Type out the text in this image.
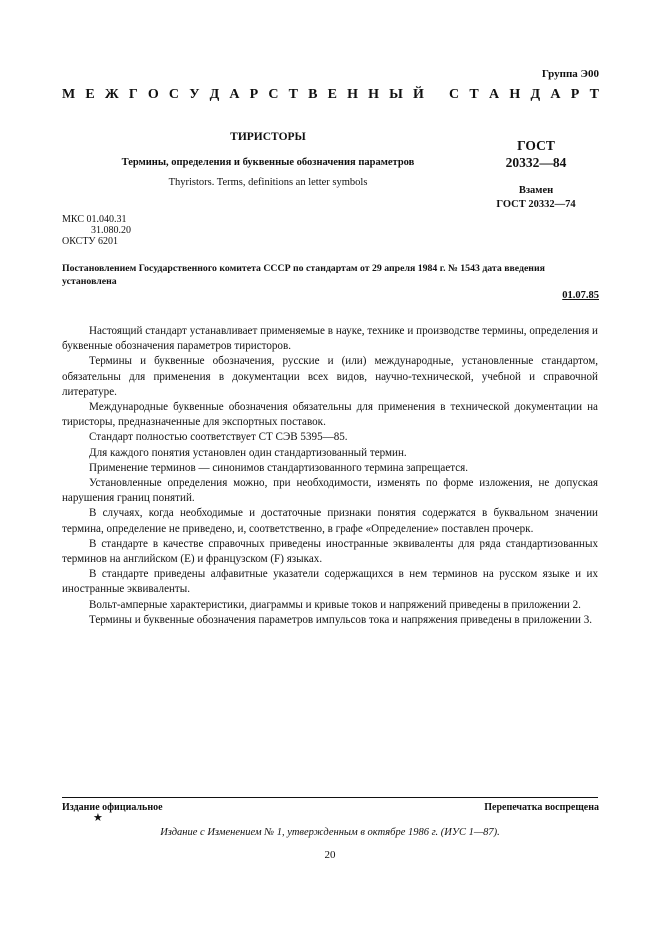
Группа Э00
М Е Ж Г О С У Д А Р С Т В Е Н Н Ы Й С Т А Н Д А Р Т
ТИРИСТОРЫ
Термины, определения и буквенные обозначения параметров
Thyristors. Terms, definitions an letter symbols
ГОСТ
20332—84
Взамен
ГОСТ 20332—74
МКС 01.040.31
31.080.20
ОКСТУ 6201
Постановлением Государственного комитета СССР по стандартам от 29 апреля 1984 г. № 1543 дата введения установлена
01.07.85

Настоящий стандарт устанавливает применяемые в науке, технике и производстве термины, определения и буквенные обозначения параметров тиристоров.

Термины и буквенные обозначения, русские и (или) международные, установленные стандартом, обязательны для применения в документации всех видов, научно-технической, учебной и справочной литературе.

Международные буквенные обозначения обязательны для применения в технической документации на тиристоры, предназначенные для экспортных поставок.

Стандарт полностью соответствует СТ СЭВ 5395—85.

Для каждого понятия установлен один стандартизованный термин.

Применение терминов — синонимов стандартизованного термина запрещается.

Установленные определения можно, при необходимости, изменять по форме изложения, не допуская нарушения границ понятий.

В случаях, когда необходимые и достаточные признаки понятия содержатся в буквальном значении термина, определение не приведено, и, соответственно, в графе «Определение» поставлен прочерк.

В стандарте в качестве справочных приведены иностранные эквиваленты для ряда стандартизованных терминов на английском (Е) и французском (F) языках.

В стандарте приведены алфавитные указатели содержащихся в нем терминов на русском языке и их иностранные эквиваленты.

Вольт-амперные характеристики, диаграммы и кривые токов и напряжений приведены в приложении 2.

Термины и буквенные обозначения параметров импульсов тока и напряжения приведены в приложении 3.

Издание официальное	Перепечатка воспрещена
★
Издание с Изменением № 1, утвержденным в октябре 1986 г. (ИУС 1—87).
20
